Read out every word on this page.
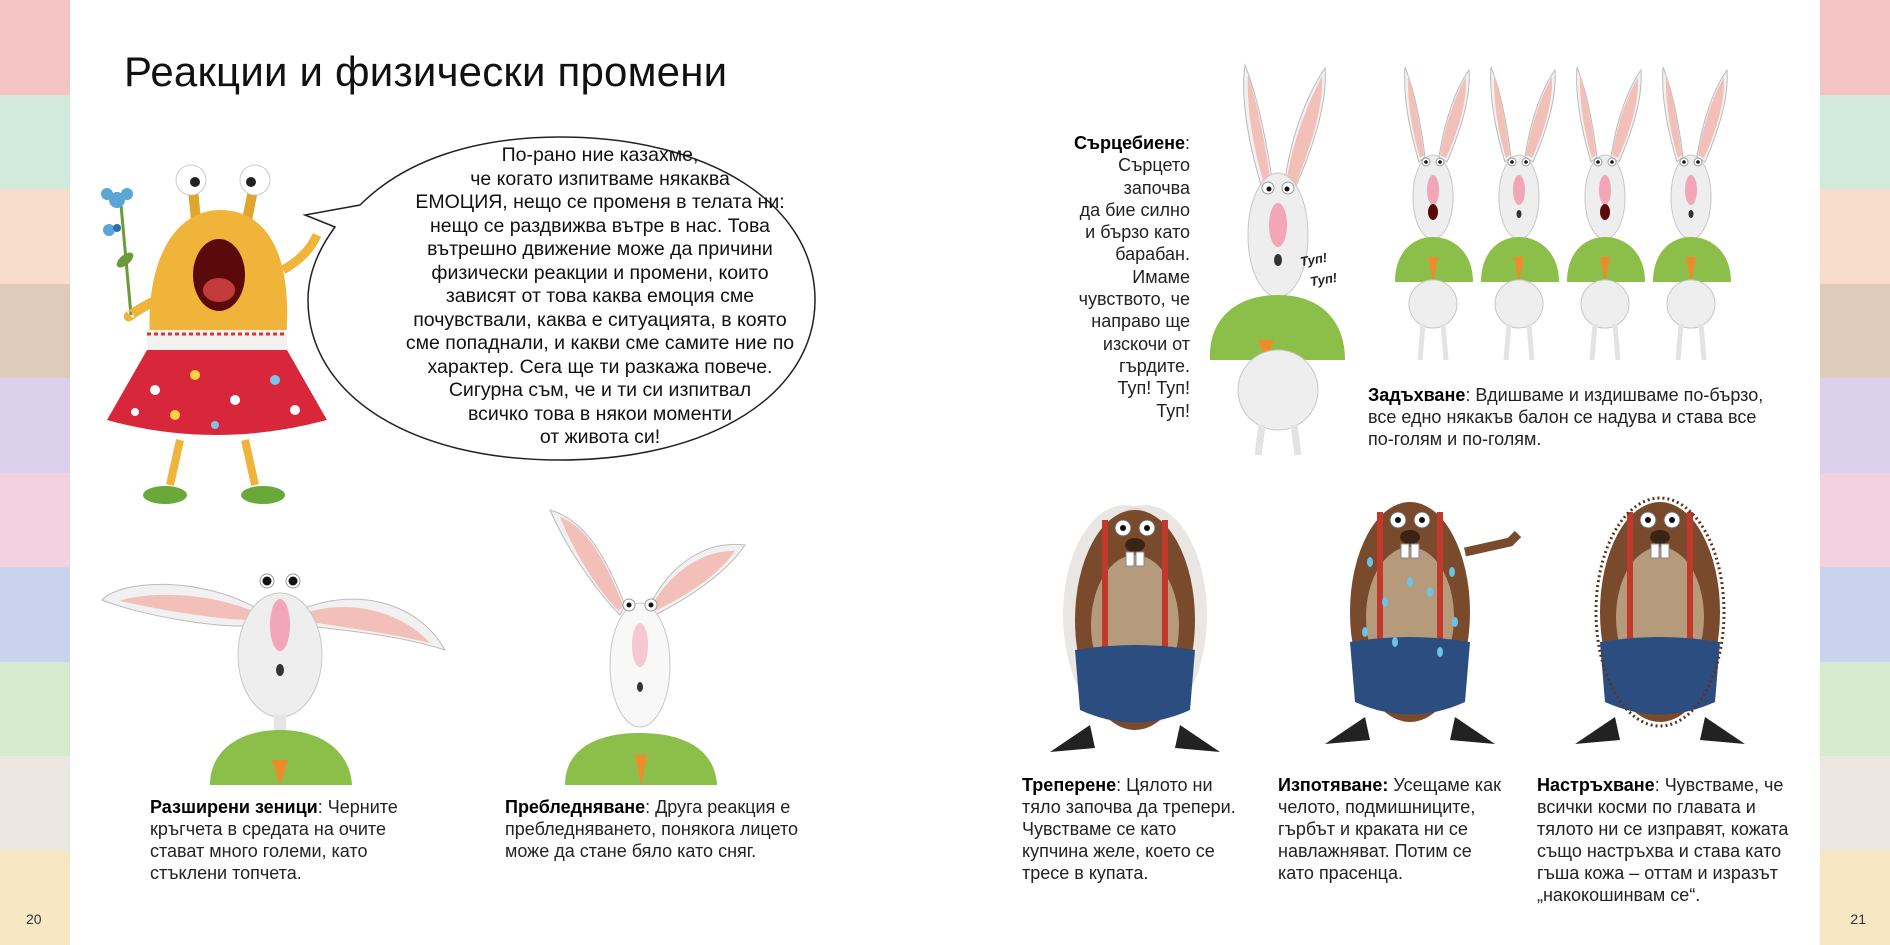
Реакции и физически промени
По-рано ние казахме,
че когато изпитваме някаква
ЕМОЦИЯ, нещо се променя в телата ни:
нещо се раздвижва вътре в нас. Това
вътрешно движение може да причини
физически реакции и промени, които
зависят от това каква емоция сме
почувствали, каква е ситуацията, в която
сме попаднали, и какви сме самите ние по
характер. Сега ще ти разкажа повече.
Сигурна съм, че и ти си изпитвал
всичко това в някои моменти
от живота си!
Разширени зеници: Черните
кръгчета в средата на очите
стават много големи, като
стъклени топчета.
Пребледняване: Друга реакция е
пребледняването, понякога лицето
може да стане бяло като сняг.
Сърцебиене:
Сърцето
започва
да бие силно
и бързо като
барабан.
Имаме
чувството, че
направо ще
изскочи от
гърдите.
Туп! Туп!
Туп!
Туп!
Туп!
Задъхване: Вдишваме и издишваме по-бързо,
все едно някакъв балон се надува и става все
по-голям и по-голям.
Треперене: Цялото ни
тяло започва да трепери.
Чувстваме се като
купчина желе, което се
тресе в купата.
Изпотяване: Усещаме как
челото, подмишниците,
гърбът и краката ни се
навлажняват. Потим се
като прасенца.
Настръхване: Чувстваме, че
всички косми по главата и
тялото ни се изправят, кожата
също настръхва и става като
гъша кожа – оттам и изразът
„накокошинвам се“.
20	21
